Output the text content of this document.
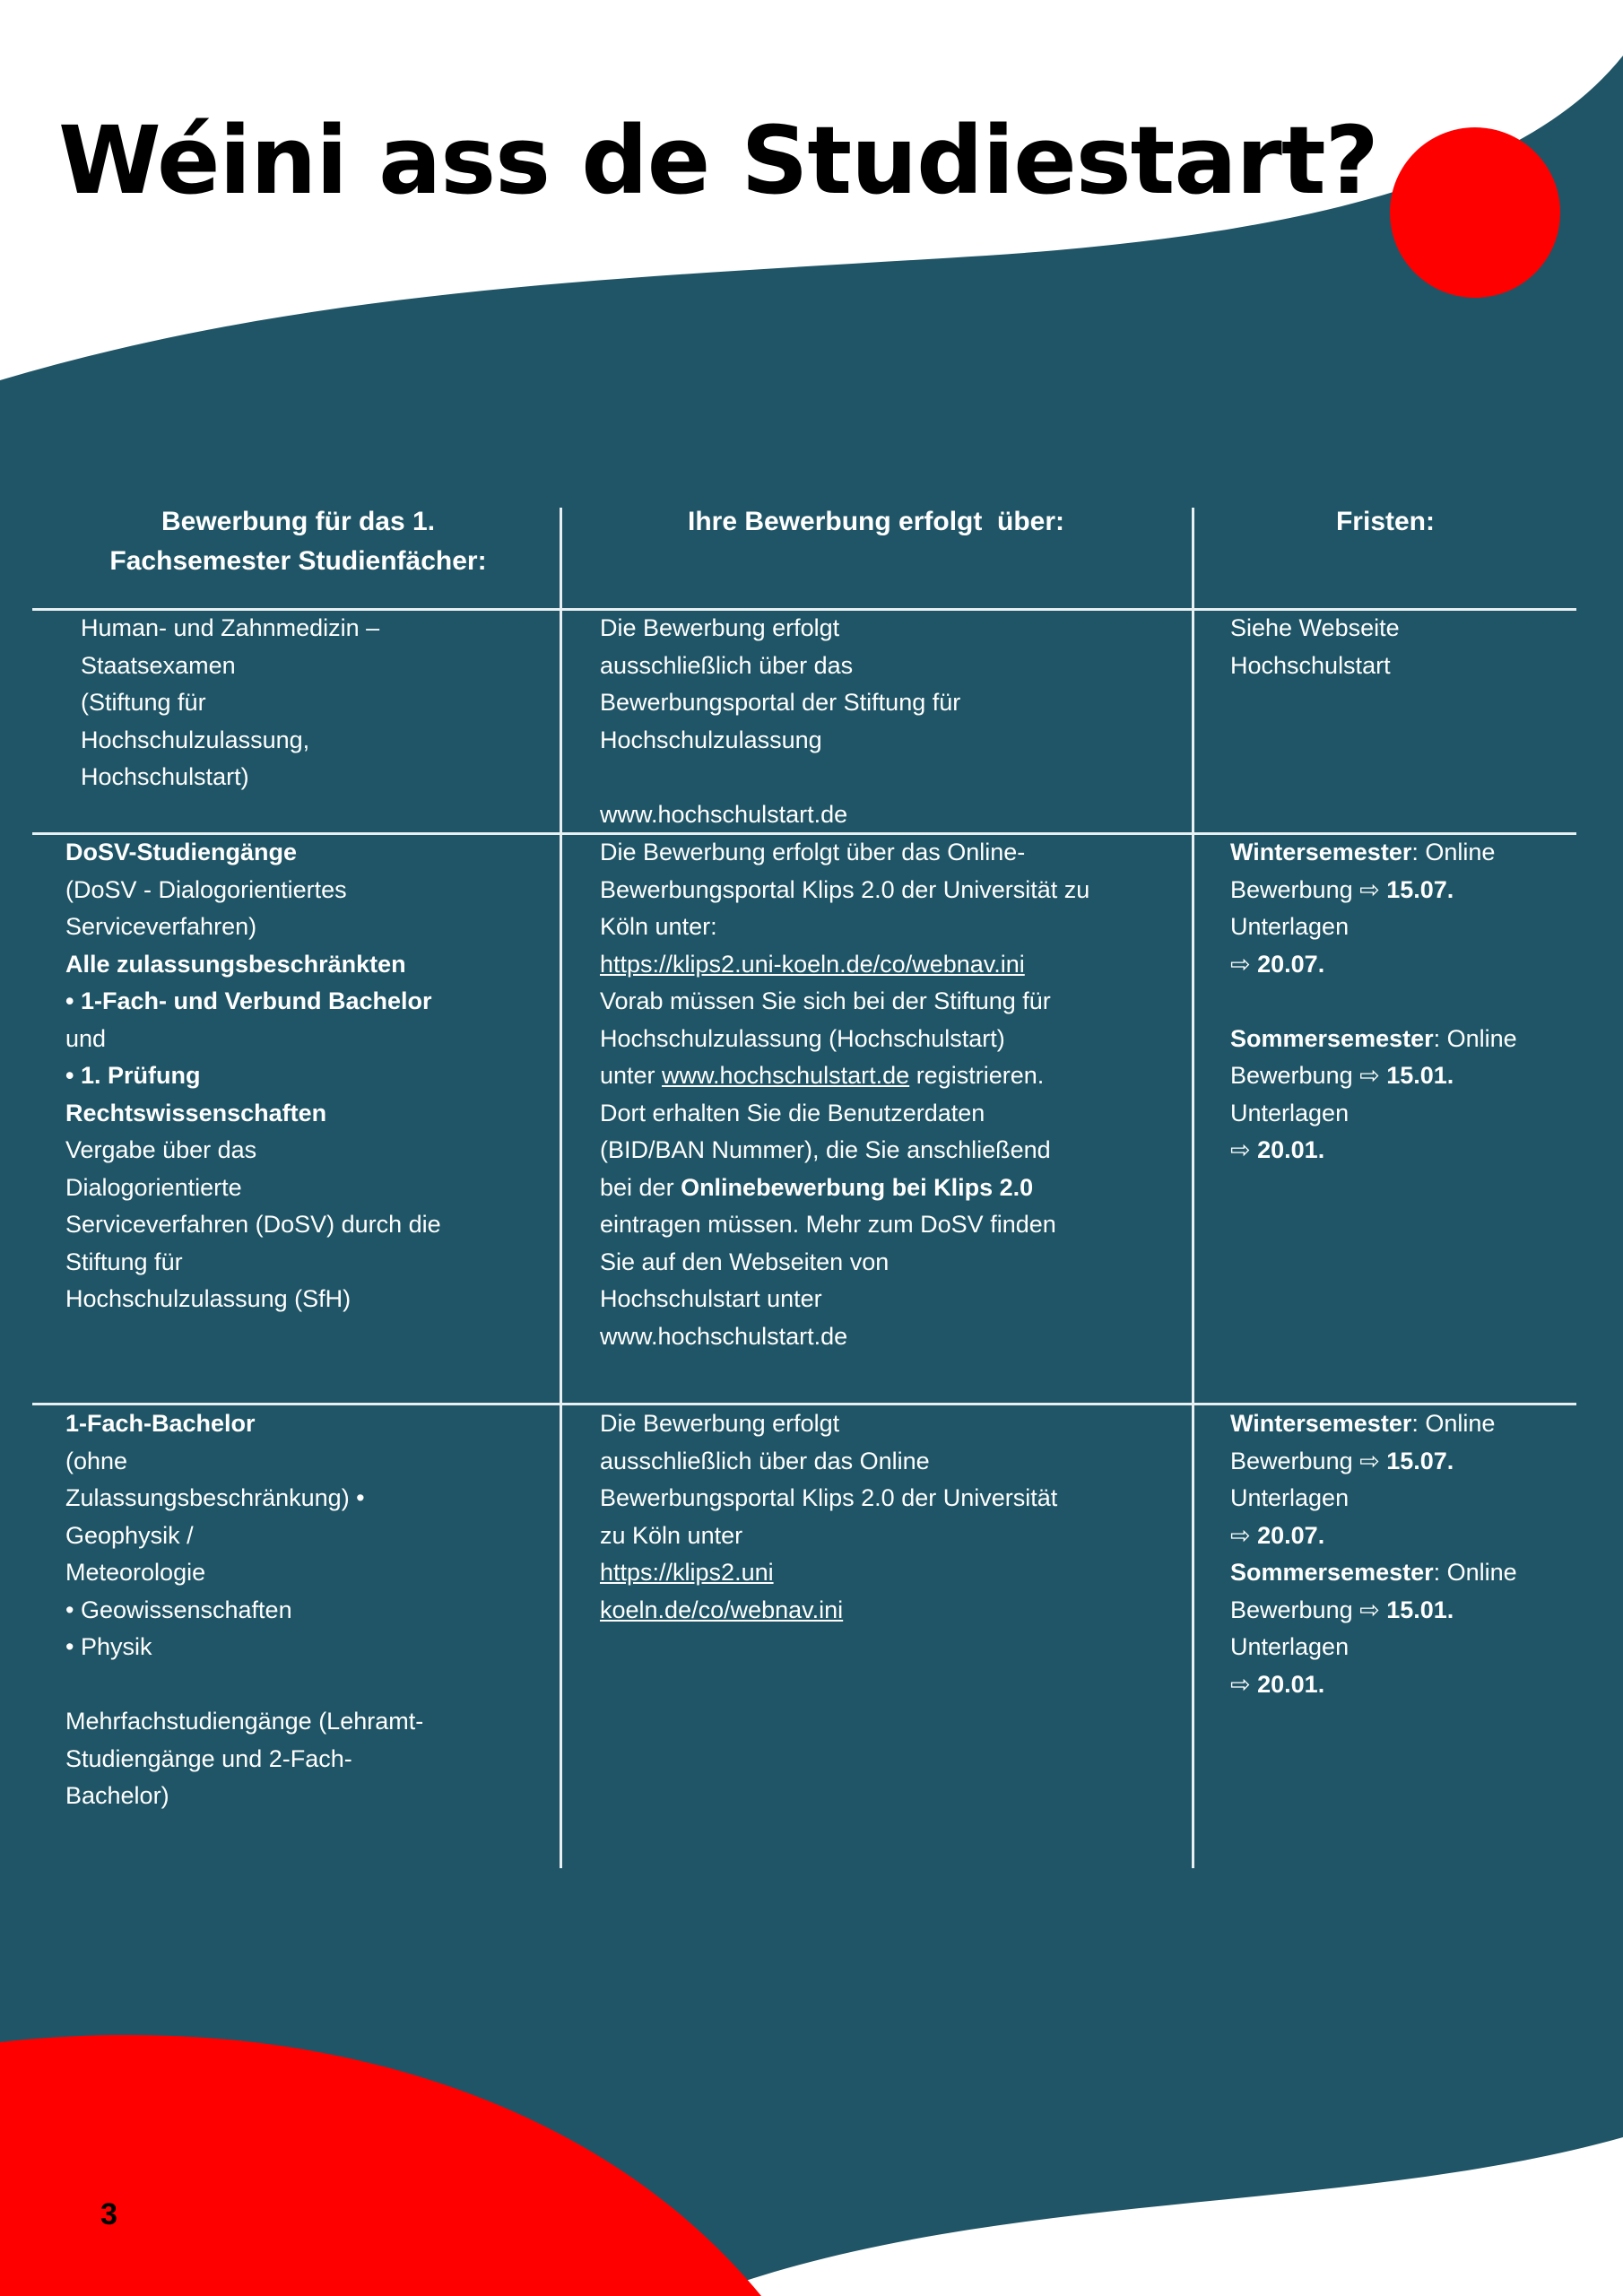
Wéini ass de Studiestart?
3
Bewerbung für das 1.
Fachsemester Studienfächer:
Ihre Bewerbung erfolgt  über:	Fristen:
Human- und Zahnmedizin –
Staatsexamen
(Stiftung für
Hochschulzulassung,
Hochschulstart)
Die Bewerbung erfolgt
ausschließlich über das
Bewerbungsportal der Stiftung für
Hochschulzulassung
www.hochschulstart.de
Siehe Webseite
Hochschulstart
DoSV-Studiengänge
(DoSV - Dialogorientiertes
Serviceverfahren)
Alle zulassungsbeschränkten
• 1-Fach- und Verbund Bachelor
und
• 1. Prüfung
Rechtswissenschaften
Vergabe über das
Dialogorientierte
Serviceverfahren (DoSV) durch die
Stiftung für
Hochschulzulassung (SfH)
Die Bewerbung erfolgt über das Online-
Bewerbungsportal Klips 2.0 der Universität zu
Köln unter:
https://klips2.uni-koeln.de/co/webnav.ini
Vorab müssen Sie sich bei der Stiftung für
Hochschulzulassung (Hochschulstart)
unter www.hochschulstart.de registrieren.
Dort erhalten Sie die Benutzerdaten
(BID/BAN Nummer), die Sie anschließend
bei der Onlinebewerbung bei Klips 2.0
eintragen müssen. Mehr zum DoSV finden
Sie auf den Webseiten von
Hochschulstart unter
www.hochschulstart.de
Wintersemester: Online
Bewerbung ⇨ 15.07.
Unterlagen
⇨ 20.07.
Sommersemester: Online
Bewerbung ⇨ 15.01.
Unterlagen
⇨ 20.01.
1-Fach-Bachelor
(ohne
Zulassungsbeschränkung) •
Geophysik /
Meteorologie
• Geowissenschaften
• Physik
Mehrfachstudiengänge (Lehramt-
Studiengänge und 2-Fach-
Bachelor)
Die Bewerbung erfolgt
ausschließlich über das Online
Bewerbungsportal Klips 2.0 der Universität
zu Köln unter
https://klips2.uni
koeln.de/co/webnav.ini
Wintersemester: Online
Bewerbung ⇨ 15.07.
Unterlagen
⇨ 20.07.
Sommersemester: Online
Bewerbung ⇨ 15.01.
Unterlagen
⇨ 20.01.
